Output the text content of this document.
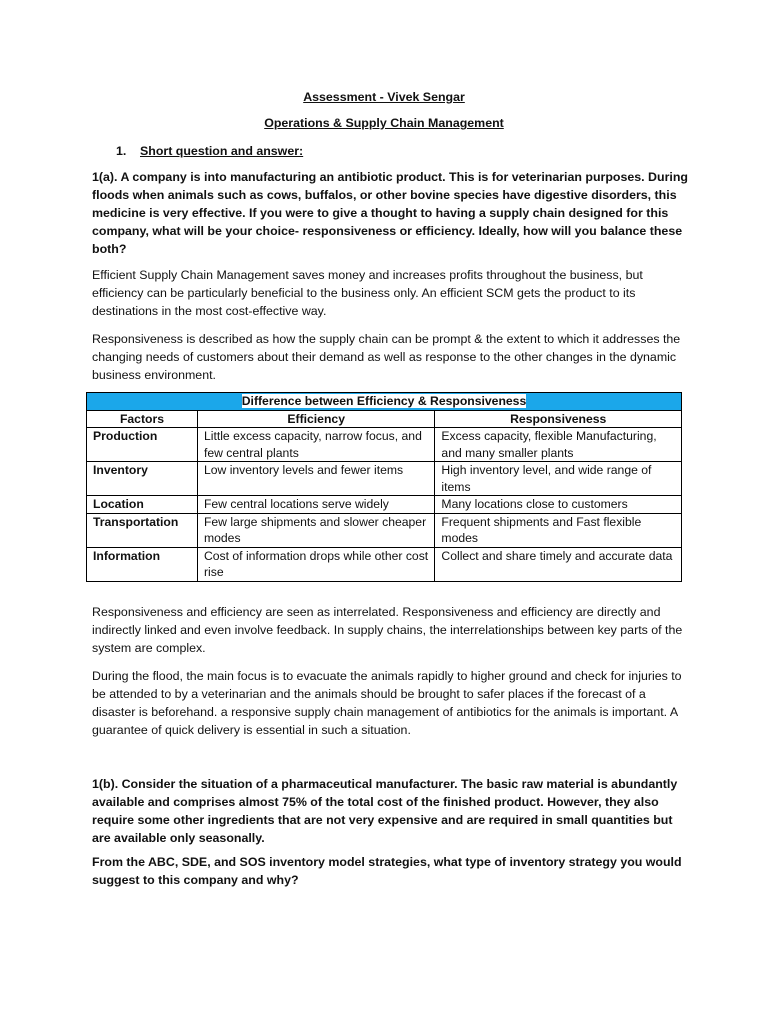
Assessment - Vivek Sengar
Operations & Supply Chain Management
1. Short question and answer:
1(a). A company is into manufacturing an antibiotic product. This is for veterinarian purposes. During floods when animals such as cows, buffalos, or other bovine species have digestive disorders, this medicine is very effective. If you were to give a thought to having a supply chain designed for this company, what will be your choice- responsiveness or efficiency. Ideally, how will you balance these both?
Efficient Supply Chain Management saves money and increases profits throughout the business, but efficiency can be particularly beneficial to the business only. An efficient SCM gets the product to its destinations in the most cost-effective way.
Responsiveness is described as how the supply chain can be prompt & the extent to which it addresses the changing needs of customers about their demand as well as response to the other changes in the dynamic business environment.
Difference between Efficiency & Responsiveness		
Factors	Efficiency	Responsiveness
Production	Little excess capacity, narrow focus, and few central plants	Excess capacity, flexible Manufacturing, and many smaller plants
Inventory	Low inventory levels and fewer items	High inventory level, and wide range of items
Location	Few central locations serve widely	Many locations close to customers
Transportation	Few large shipments and slower cheaper modes	Frequent shipments and Fast flexible modes
Information	Cost of information drops while other cost rise	Collect and share timely and accurate data
Responsiveness and efficiency are seen as interrelated. Responsiveness and efficiency are directly and indirectly linked and even involve feedback. In supply chains, the interrelationships between key parts of the system are complex.
During the flood, the main focus is to evacuate the animals rapidly to higher ground and check for injuries to be attended to by a veterinarian and the animals should be brought to safer places if the forecast of a disaster is beforehand. a responsive supply chain management of antibiotics for the animals is important. A guarantee of quick delivery is essential in such a situation.
1(b). Consider the situation of a pharmaceutical manufacturer. The basic raw material is abundantly available and comprises almost 75% of the total cost of the finished product. However, they also require some other ingredients that are not very expensive and are required in small quantities but are available only seasonally.
From the ABC, SDE, and SOS inventory model strategies, what type of inventory strategy you would suggest to this company and why?
